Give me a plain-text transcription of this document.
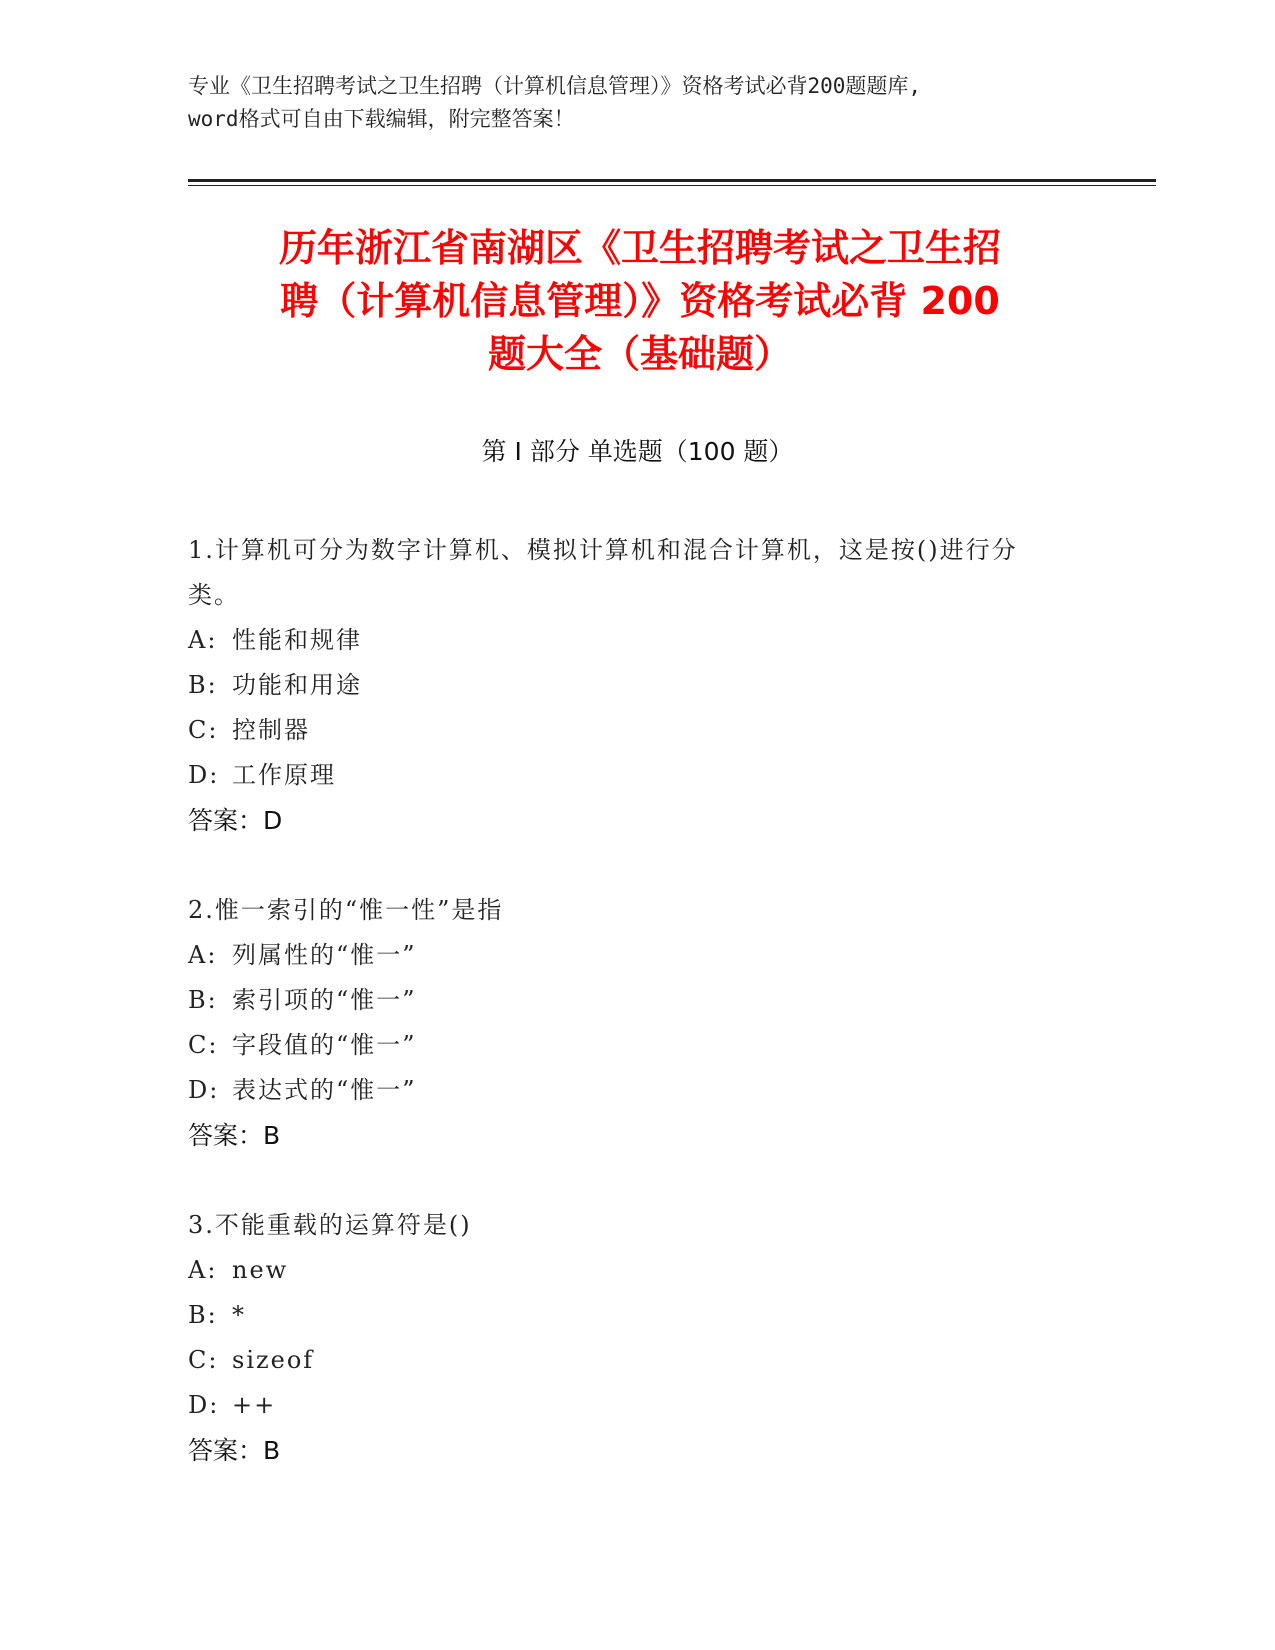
专业《卫生招聘考试之卫生招聘（计算机信息管理）》资格考试必背200题题库,
word格式可自由下载编辑，附完整答案！
历年浙江省南湖区《卫生招聘考试之卫生招
聘（计算机信息管理）》资格考试必背 200
题大全（基础题）
第 I 部分 单选题（100 题）
1.计算机可分为数字计算机、模拟计算机和混合计算机，这是按()进行分类。
A: 性能和规律
B: 功能和用途
C: 控制器
D: 工作原理
答案：D
2.惟一索引的“惟一性”是指
A: 列属性的“惟一”
B: 索引项的“惟一”
C: 字段值的“惟一”
D: 表达式的“惟一”
答案：B
3.不能重载的运算符是()
A: new
B: *
C: sizeof
D: ++
答案：B
